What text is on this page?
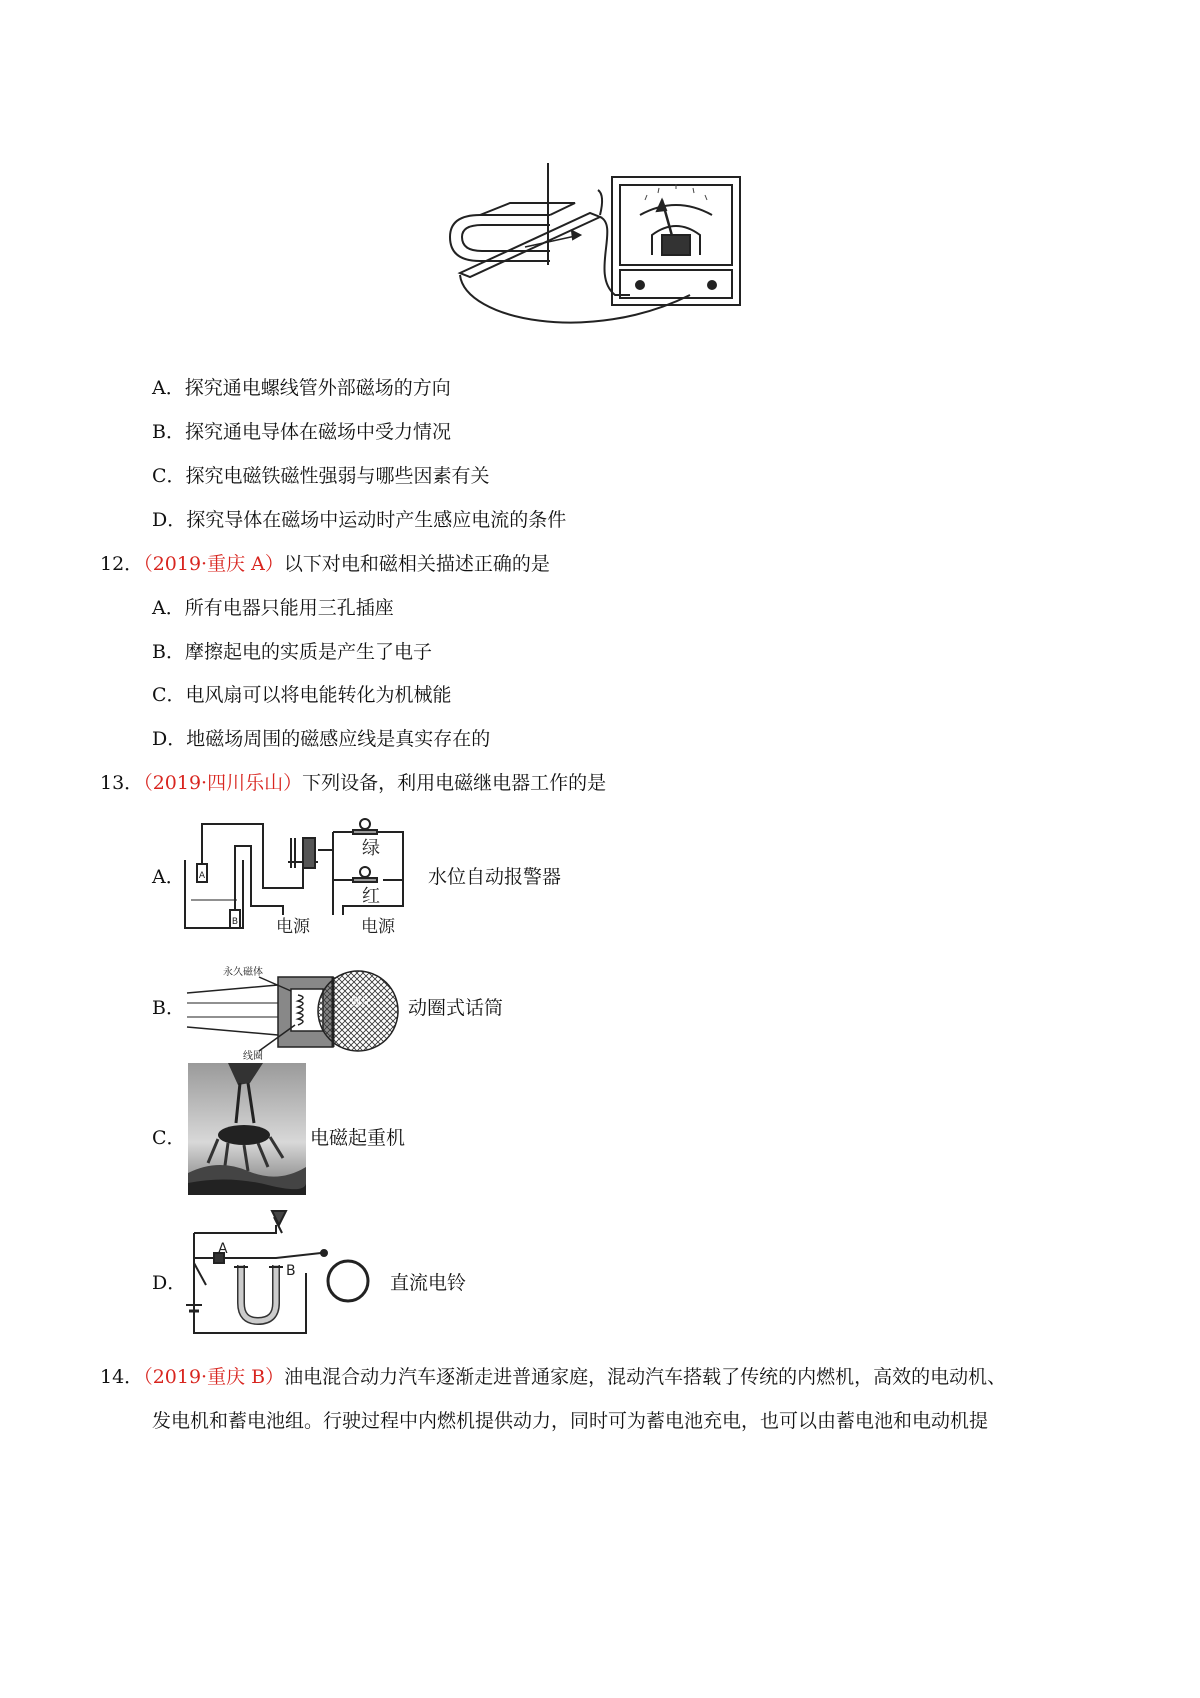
A．探究通电螺线管外部磁场的方向
B．探究通电导体在磁场中受力情况
C．探究电磁铁磁性强弱与哪些因素有关
D．探究导体在磁场中运动时产生感应电流的条件
12．（2019·重庆 A）以下对电和磁相关描述正确的是
A．所有电器只能用三孔插座
B．摩擦起电的实质是产生了电子
C．电风扇可以将电能转化为机械能
D．地磁场周围的磁感应线是真实存在的
13．（2019·四川乐山）下列设备，利用电磁继电器工作的是
A． A
B
绿
红
电源	电源
水位自动报警器
B．
永久磁体
线圈
膜片 动圈式话筒
C．	电磁起重机
D．
A
B
直流电铃
14．（2019·重庆 B）油电混合动力汽车逐渐走进普通家庭，混动汽车搭载了传统的内燃机，高效的电动机、
发电机和蓄电池组。行驶过程中内燃机提供动力，同时可为蓄电池充电，也可以由蓄电池和电动机提
